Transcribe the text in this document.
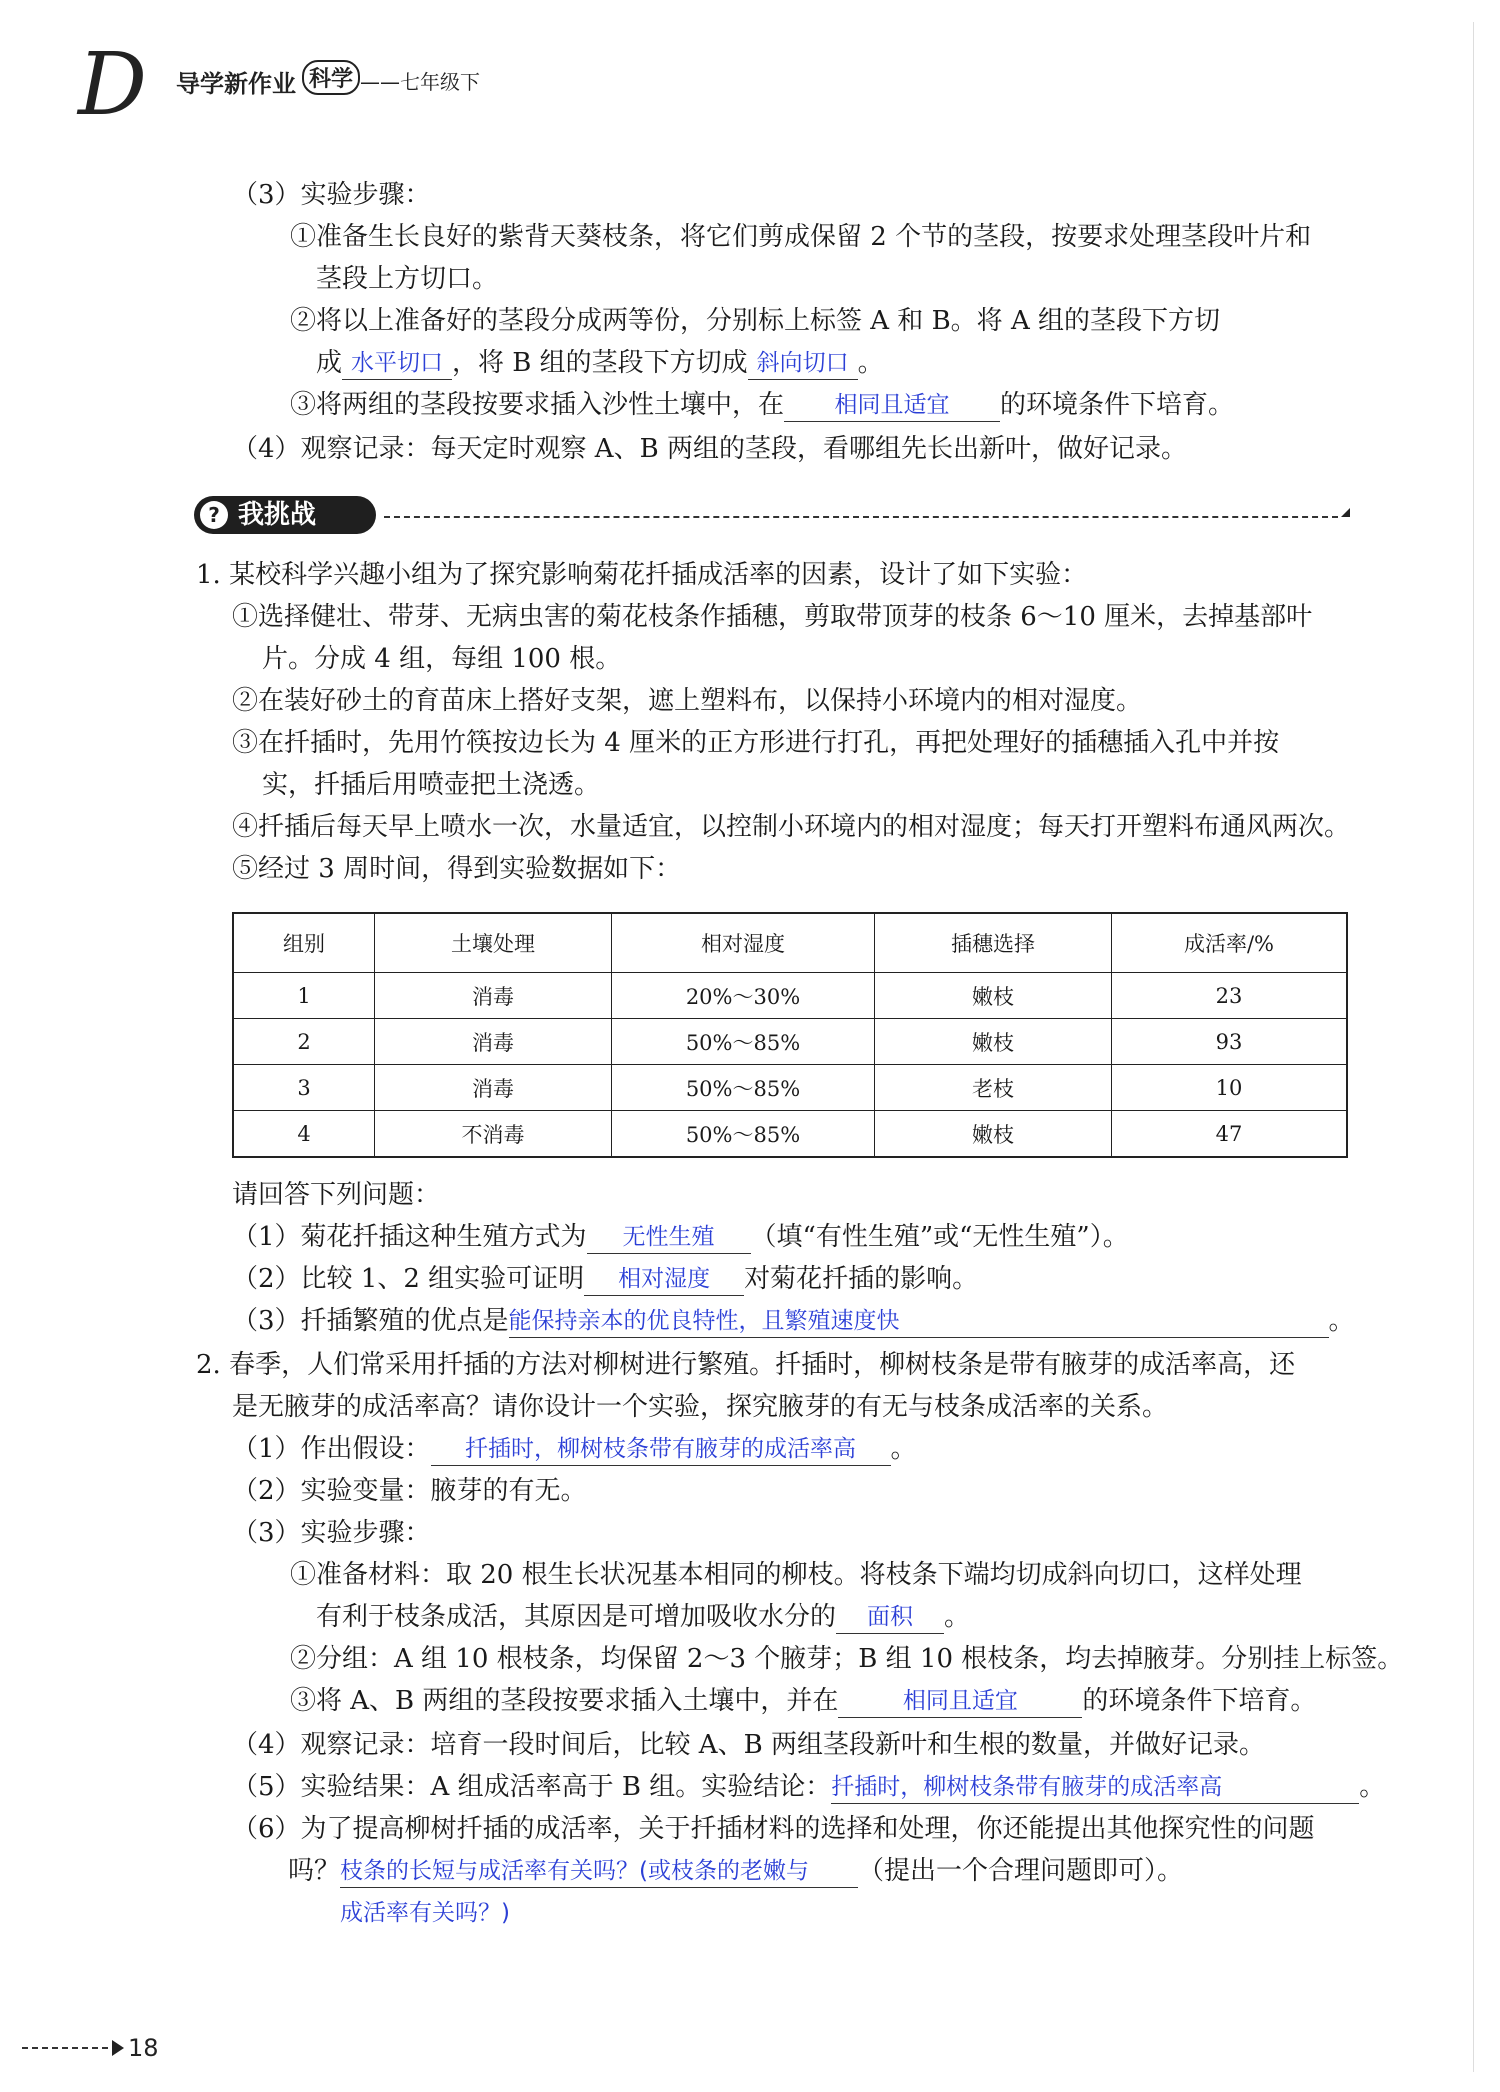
D 导学新作业 科学 ——七年级下
（3）实验步骤：
①准备生长良好的紫背天葵枝条，将它们剪成保留 2 个节的茎段，按要求处理茎段叶片和
茎段上方切口。
②将以上准备好的茎段分成两等份，分别标上标签 A 和 B。将 A 组的茎段下方切
成 水平切口 ，将 B 组的茎段下方切成 斜向切口 。
③将两组的茎段按要求插入沙性土壤中，在 相同且适宜 的环境条件下培育。
（4）观察记录：每天定时观察 A、B 两组的茎段，看哪组先长出新叶，做好记录。
? 我挑战
1. 某校科学兴趣小组为了探究影响菊花扦插成活率的因素，设计了如下实验：
①选择健壮、带芽、无病虫害的菊花枝条作插穗，剪取带顶芽的枝条 6～10 厘米，去掉基部叶
片。分成 4 组，每组 100 根。
②在装好砂土的育苗床上搭好支架，遮上塑料布，以保持小环境内的相对湿度。
③在扦插时，先用竹筷按边长为 4 厘米的正方形进行打孔，再把处理好的插穗插入孔中并按
实，扦插后用喷壶把土浇透。
④扦插后每天早上喷水一次，水量适宜，以控制小环境内的相对湿度；每天打开塑料布通风两次。
⑤经过 3 周时间，得到实验数据如下：
组别	土壤处理	相对湿度	插穗选择	成活率/%
1	消毒	20%～30%	嫩枝	23
2	消毒	50%～85%	嫩枝	93
3	消毒	50%～85%	老枝	10
4	不消毒	50%～85%	嫩枝	47
请回答下列问题：
（1）菊花扦插这种生殖方式为 无性生殖 （填“有性生殖”或“无性生殖”）。
（2）比较 1、2 组实验可证明 相对湿度 对菊花扦插的影响。
（3）扦插繁殖的优点是能保持亲本的优良特性，且繁殖速度快	。
2. 春季，人们常采用扦插的方法对柳树进行繁殖。扦插时，柳树枝条是带有腋芽的成活率高，还
是无腋芽的成活率高？请你设计一个实验，探究腋芽的有无与枝条成活率的关系。
（1）作出假设： 扦插时，柳树枝条带有腋芽的成活率高 。
（2）实验变量：腋芽的有无。
（3）实验步骤：
①准备材料：取 20 根生长状况基本相同的柳枝。将枝条下端均切成斜向切口，这样处理
有利于枝条成活，其原因是可增加吸收水分的 面积 。
②分组：A 组 10 根枝条，均保留 2～3 个腋芽；B 组 10 根枝条，均去掉腋芽。分别挂上标签。
③将 A、B 两组的茎段按要求插入土壤中，并在	相同且适宜 的环境条件下培育。
（4）观察记录：培育一段时间后，比较 A、B 两组茎段新叶和生根的数量，并做好记录。
（5）实验结果：A 组成活率高于 B 组。实验结论：扦插时，柳树枝条带有腋芽的成活率高	。
（6）为了提高柳树扦插的成活率，关于扦插材料的选择和处理，你还能提出其他探究性的问题
吗？枝条的长短与成活率有关吗？(或枝条的老嫩与 （提出一个合理问题即可）。
成活率有关吗？)
18
